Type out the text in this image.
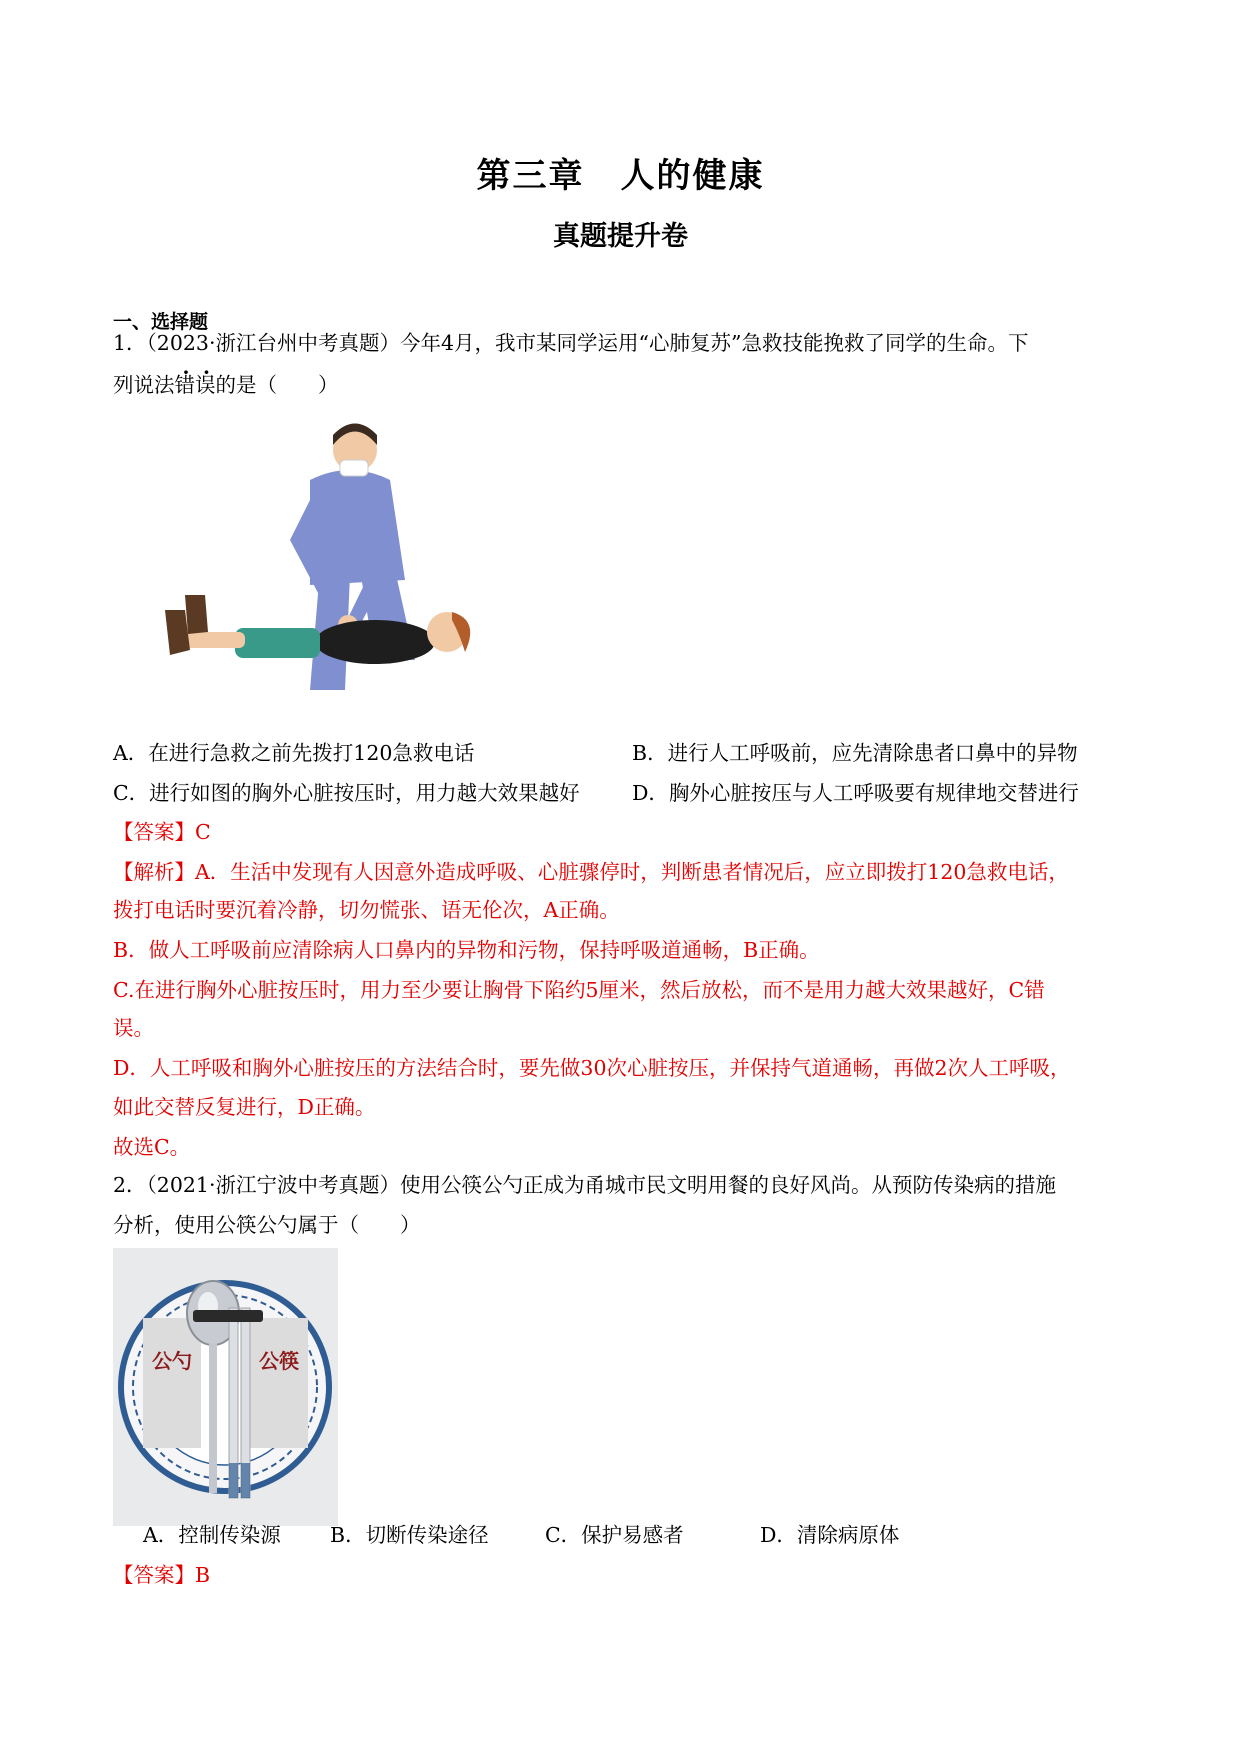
第三章　人的健康
真题提升卷
一、选择题
1．（2023·浙江台州中考真题）今年4月，我市某同学运用“心肺复苏”急救技能挽救了同学的生命。下
列说法错误的是（　　）
A．在进行急救之前先拨打120急救电话	B．进行人工呼吸前，应先清除患者口鼻中的异物
C．进行如图的胸外心脏按压时，用力越大效果越好	D．胸外心脏按压与人工呼吸要有规律地交替进行
【答案】C
【解析】A．生活中发现有人因意外造成呼吸、心脏骤停时，判断患者情况后，应立即拨打120急救电话，
拨打电话时要沉着冷静，切勿慌张、语无伦次，A正确。
B．做人工呼吸前应清除病人口鼻内的异物和污物，保持呼吸道通畅，B正确。
C.在进行胸外心脏按压时，用力至少要让胸骨下陷约5厘米，然后放松，而不是用力越大效果越好，C错
误。
D．人工呼吸和胸外心脏按压的方法结合时，要先做30次心脏按压，并保持气道通畅，再做2次人工呼吸，
如此交替反复进行，D正确。
故选C。
2．（2021·浙江宁波中考真题）使用公筷公勺正成为甬城市民文明用餐的良好风尚。从预防传染病的措施
分析，使用公筷公勺属于（　　）
公勺	公筷
A．控制传染源 B．切断传染途径	C．保护易感者	D．清除病原体
【答案】B
